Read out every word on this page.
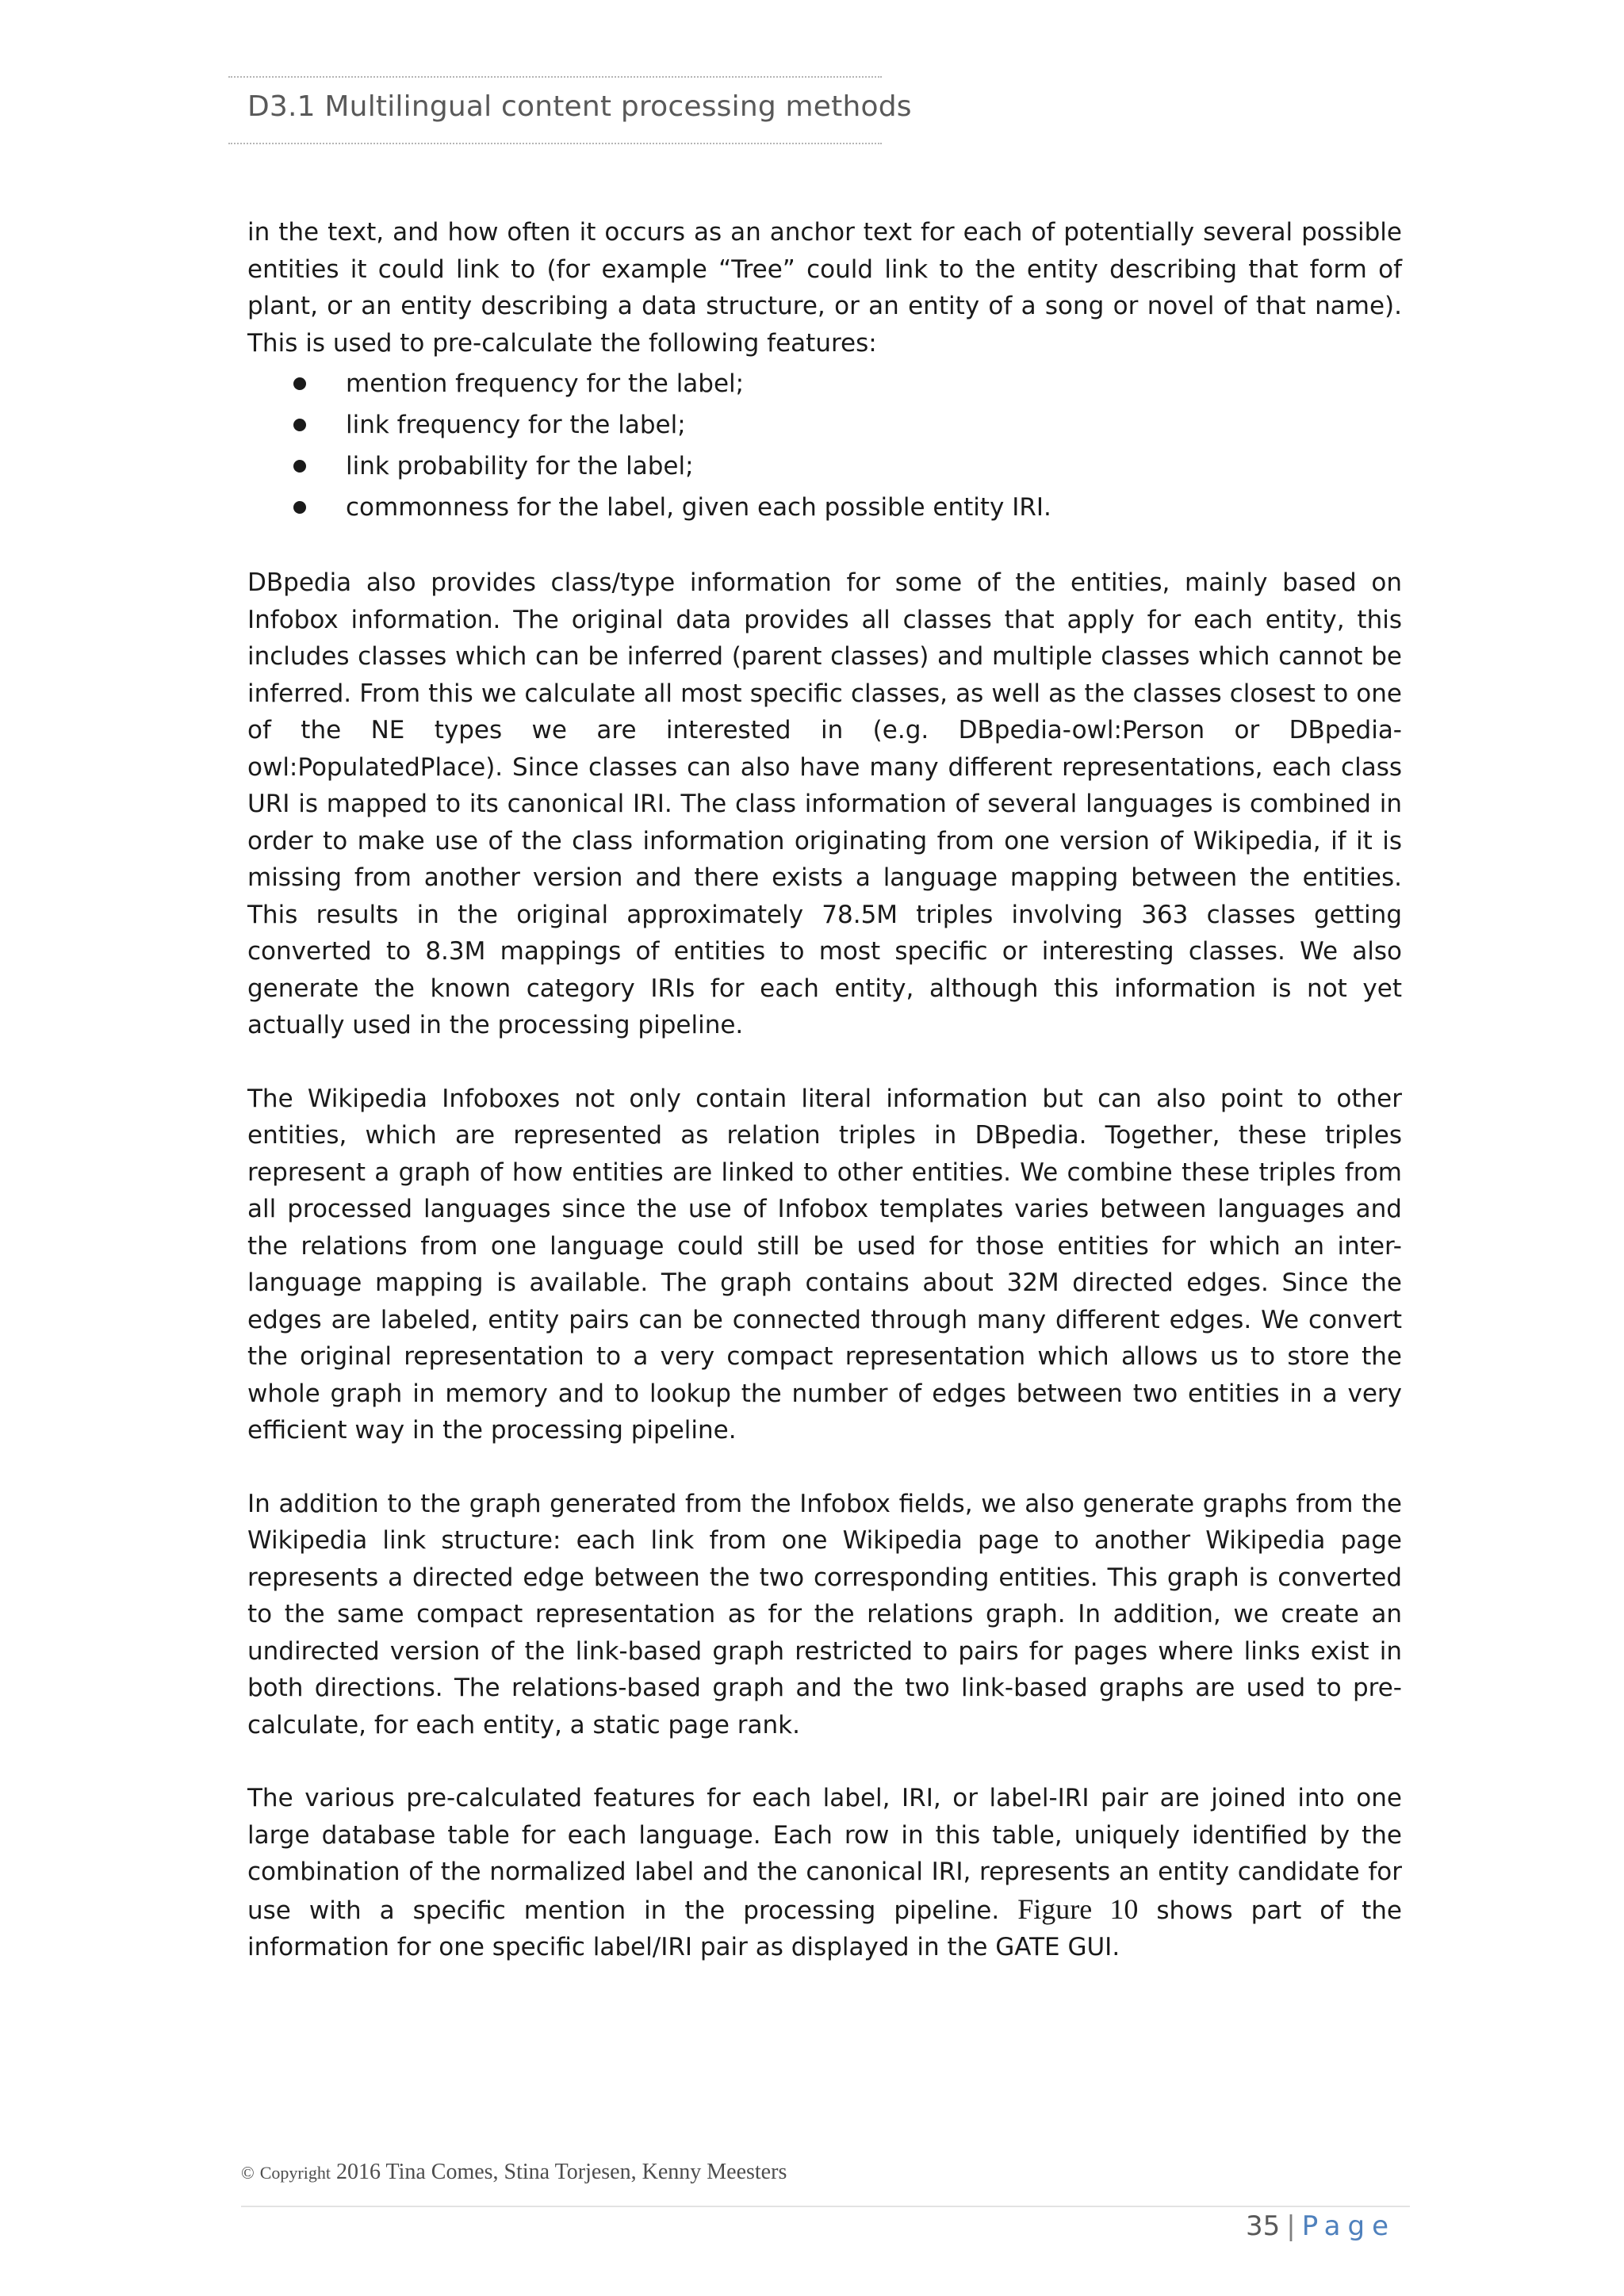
D3.1 Multilingual content processing methods

in the text, and how often it occurs as an anchor text for each of potentially several possible entities it could link to (for example “Tree” could link to the entity describing that form of plant, or an entity describing a data structure, or an entity of a song or novel of that name). This is used to pre-calculate the following features:

mention frequency for the label;
link frequency for the label;
link probability for the label;
commonness for the label, given each possible entity IRI.

DBpedia also provides class/type information for some of the entities, mainly based on Infobox information. The original data provides all classes that apply for each entity, this includes classes which can be inferred (parent classes) and multiple classes which cannot be inferred. From this we calculate all most specific classes, as well as the classes closest to one of the NE types we are interested in (e.g. DBpedia-owl:Person or DBpedia-owl:PopulatedPlace). Since classes can also have many different representations, each class URI is mapped to its canonical IRI. The class information of several languages is combined in order to make use of the class information originating from one version of Wikipedia, if it is missing from another version and there exists a language mapping between the entities. This results in the original approximately 78.5M triples involving 363 classes getting converted to 8.3M mappings of entities to most specific or interesting classes. We also generate the known category IRIs for each entity, although this information is not yet actually used in the processing pipeline.

The Wikipedia Infoboxes not only contain literal information but can also point to other entities, which are represented as relation triples in DBpedia. Together, these triples represent a graph of how entities are linked to other entities. We combine these triples from all processed languages since the use of Infobox templates varies between languages and the relations from one language could still be used for those entities for which an inter-language mapping is available. The graph contains about 32M directed edges. Since the edges are labeled, entity pairs can be connected through many different edges. We convert the original representation to a very compact representation which allows us to store the whole graph in memory and to lookup the number of edges between two entities in a very efficient way in the processing pipeline.

In addition to the graph generated from the Infobox fields, we also generate graphs from the Wikipedia link structure: each link from one Wikipedia page to another Wikipedia page represents a directed edge between the two corresponding entities. This graph is converted to the same compact representation as for the relations graph. In addition, we create an undirected version of the link-based graph restricted to pairs for pages where links exist in both directions. The relations-based graph and the two link-based graphs are used to pre-calculate, for each entity, a static page rank.

The various pre-calculated features for each label, IRI, or label-IRI pair are joined into one large database table for each language. Each row in this table, uniquely identified by the combination of the normalized label and the canonical IRI, represents an entity candidate for use with a specific mention in the processing pipeline. Figure 10 shows part of the information for one specific label/IRI pair as displayed in the GATE GUI.

© Copyright 2016 Tina Comes, Stina Torjesen, Kenny Meesters
35 | Page
